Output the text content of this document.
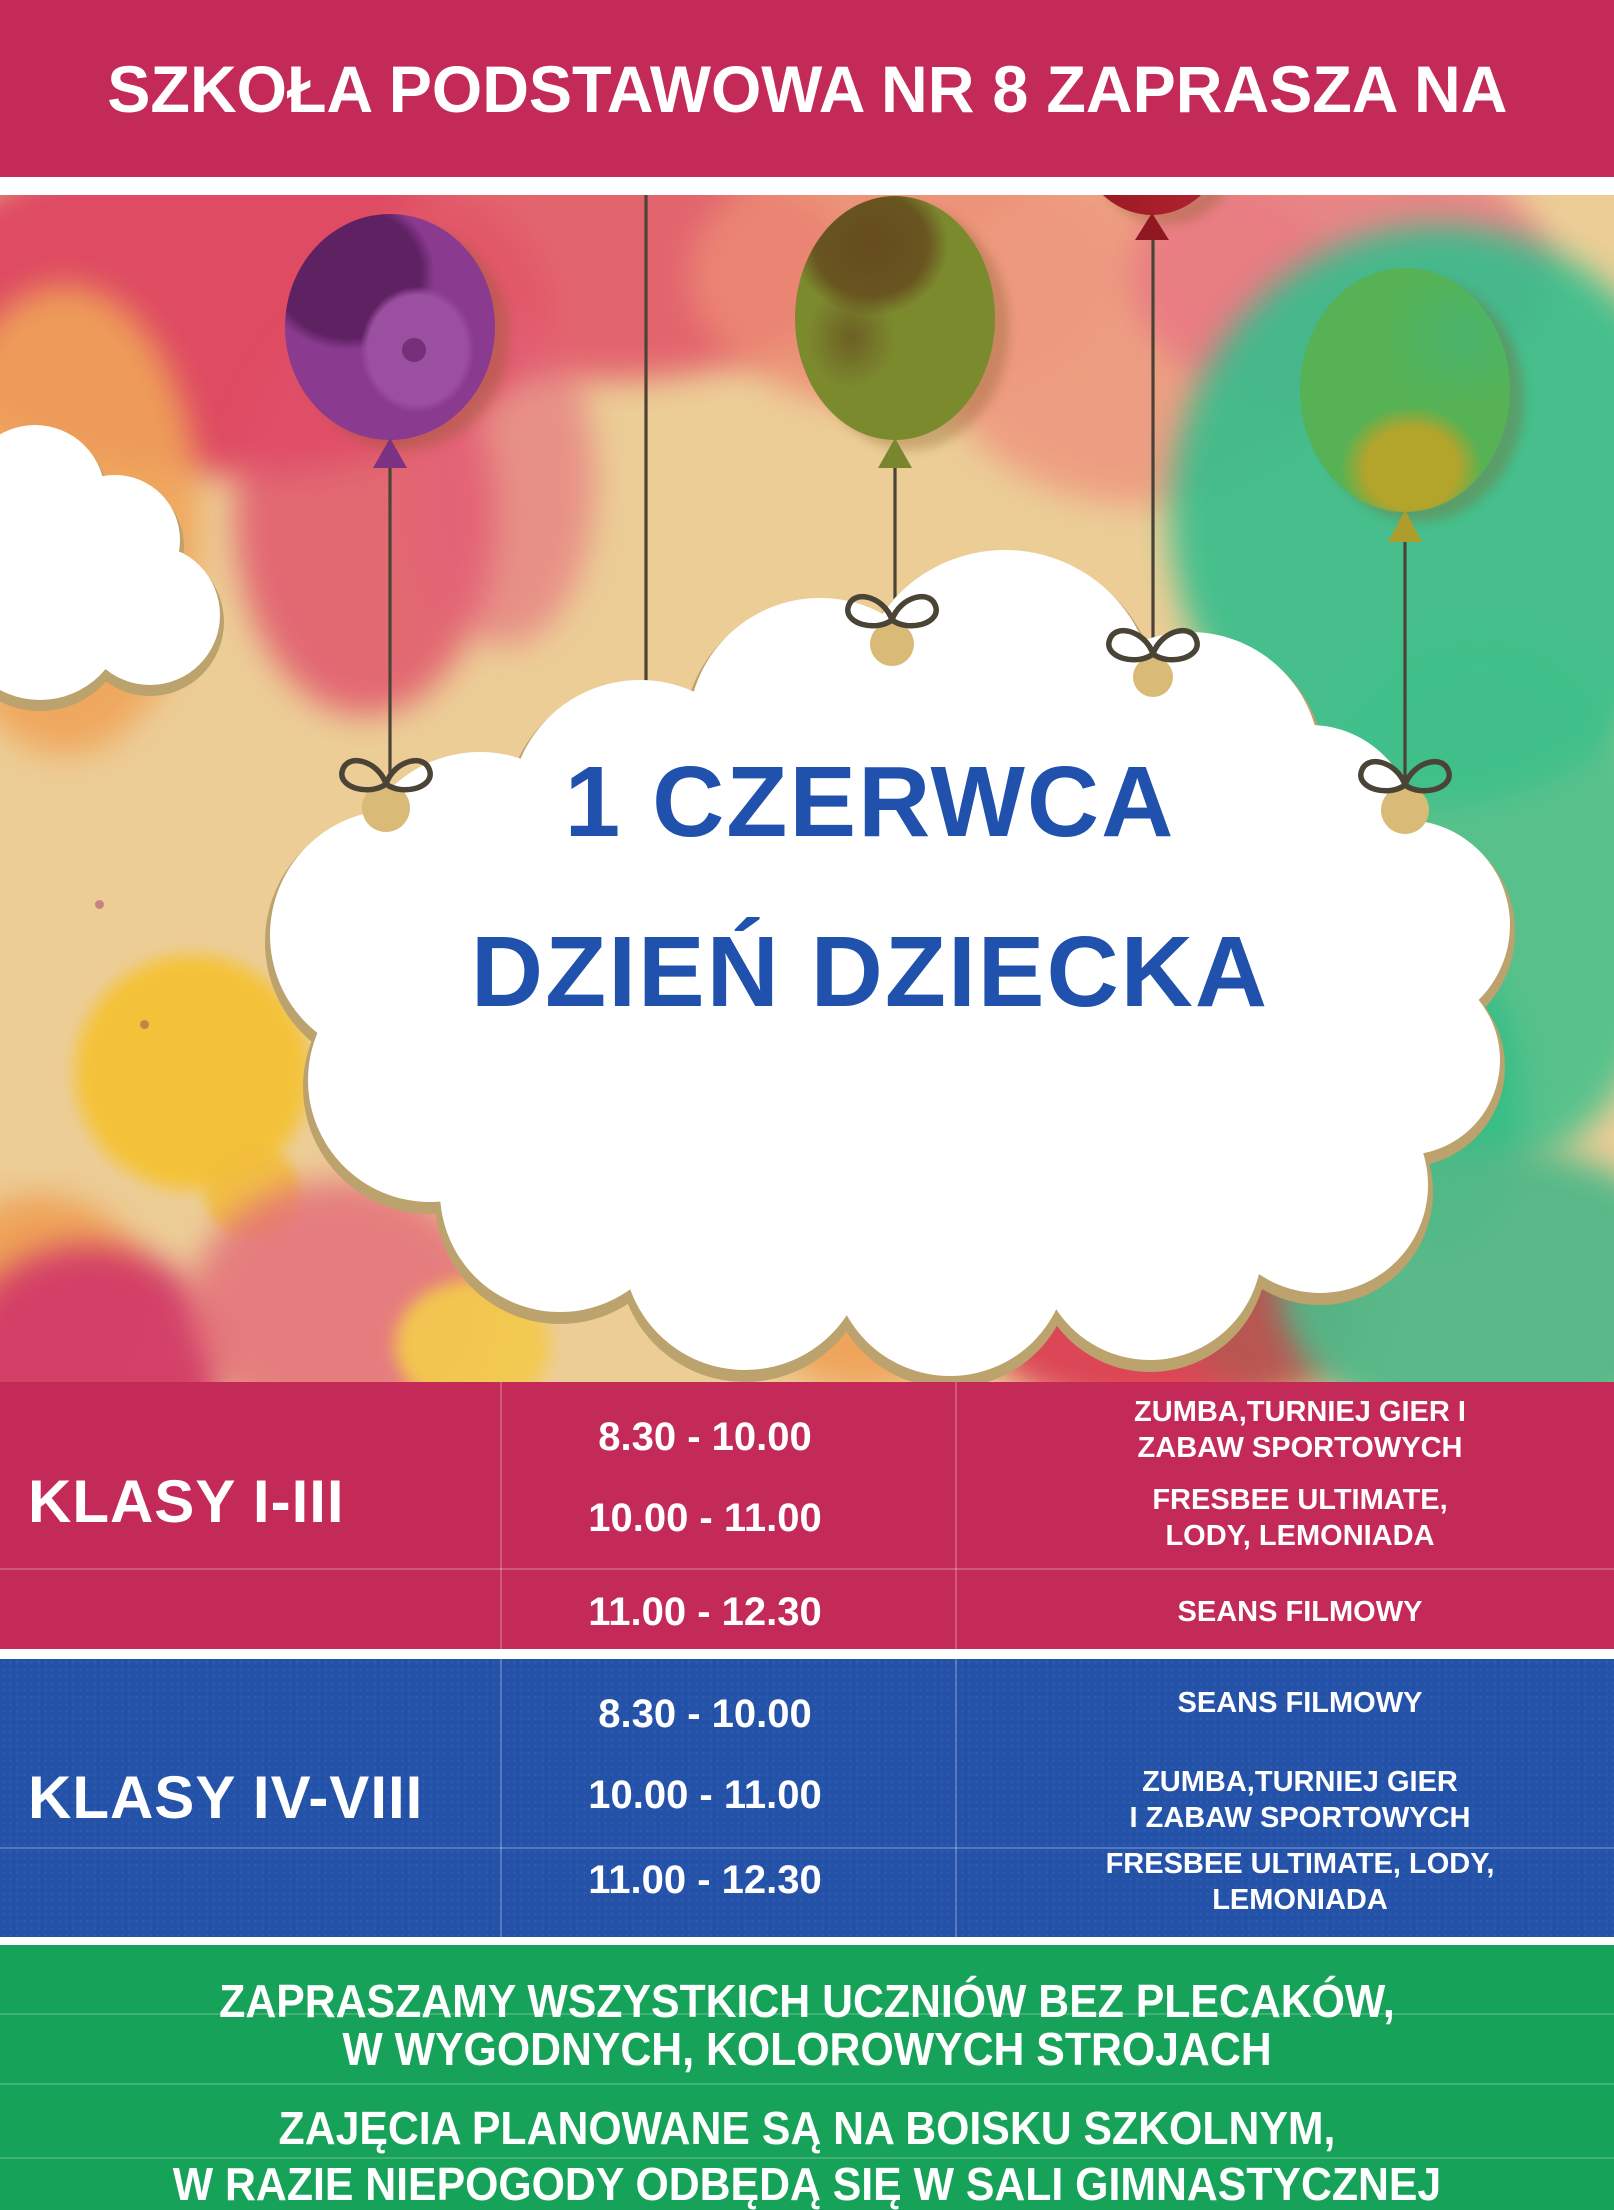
SZKOŁA PODSTAWOWA NR 8 ZAPRASZA NA
1 CZERWCA
DZIEŃ DZIECKA
KLASY I-III
8.30 - 10.00
10.00 - 11.00
11.00 - 12.30
ZUMBA,TURNIEJ GIER I
ZABAW SPORTOWYCH
FRESBEE ULTIMATE,
LODY, LEMONIADA
SEANS FILMOWY
KLASY IV-VIII
8.30 - 10.00
10.00 - 11.00
11.00 - 12.30
SEANS FILMOWY
ZUMBA,TURNIEJ GIER
I ZABAW SPORTOWYCH
FRESBEE ULTIMATE, LODY,
LEMONIADA
ZAPRASZAMY WSZYSTKICH UCZNIÓW BEZ PLECAKÓW,
W WYGODNYCH, KOLOROWYCH STROJACH
ZAJĘCIA PLANOWANE SĄ NA BOISKU SZKOLNYM,
W RAZIE NIEPOGODY ODBĘDĄ SIĘ W SALI GIMNASTYCZNEJ
